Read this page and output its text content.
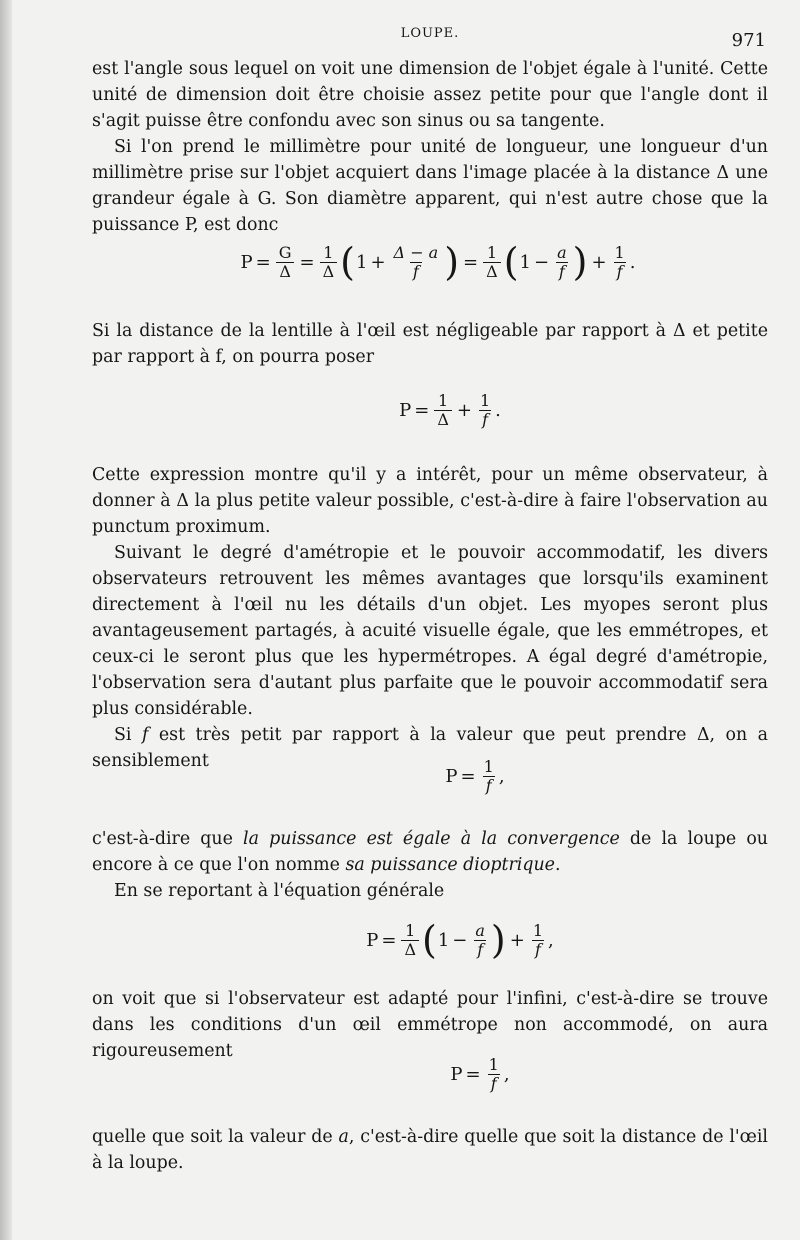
LOUPE.	971

est l'angle sous lequel on voit une dimension de l'objet égale à l'unité. Cette unité de dimension doit être choisie assez petite pour que l'angle dont il s'agit puisse être confondu avec son sinus ou sa tangente.

Si l'on prend le millimètre pour unité de longueur, une longueur d'un millimètre prise sur l'objet acquiert dans l'image placée à la distance Δ une grandeur égale à G. Son diamètre apparent, qui n'est autre chose que la puissance P, est donc

$P = \frac{G}{\Delta} = \frac{1}{\Delta}$ ( $1 + \frac{\Delta - a}{f}$ ) = $\frac{1}{\Delta}$ ( $1 - \frac{a}{f}$ ) + $\frac{1}{f}$ .

Si la distance de la lentille à l'œil est négligeable par rapport à Δ et petite par rapport à f, on pourra poser

$P = \frac{1}{\Delta} + \frac{1}{f}$ .

Cette expression montre qu'il y a intérêt, pour un même observateur, à donner à Δ la plus petite valeur possible, c'est-à-dire à faire l'observation au punctum proximum.

Suivant le degré d'amétropie et le pouvoir accommodatif, les divers observateurs retrouvent les mêmes avantages que lorsqu'ils examinent directement à l'œil nu les détails d'un objet. Les myopes seront plus avantageusement partagés, à acuité visuelle égale, que les emmétropes, et ceux-ci le seront plus que les hypermétropes. A égal degré d'amétropie, l'observation sera d'autant plus parfaite que le pouvoir accommodatif sera plus considérable.

Si f est très petit par rapport à la valeur que peut prendre Δ, on a sensiblement

$P = \frac{1}{f}$ ,

c'est-à-dire que la puissance est égale à la convergence de la loupe ou encore à ce que l'on nomme sa puissance dioptrique.

En se reportant à l'équation générale

$P = \frac{1}{\Delta}$ ( $1 - \frac{a}{f}$ ) + $\frac{1}{f}$ ,

on voit que si l'observateur est adapté pour l'infini, c'est-à-dire se trouve dans les conditions d'un œil emmétrope non accommodé, on aura rigoureusement

$P = \frac{1}{f}$ ,

quelle que soit la valeur de a, c'est-à-dire quelle que soit la distance de l'œil à la loupe.
